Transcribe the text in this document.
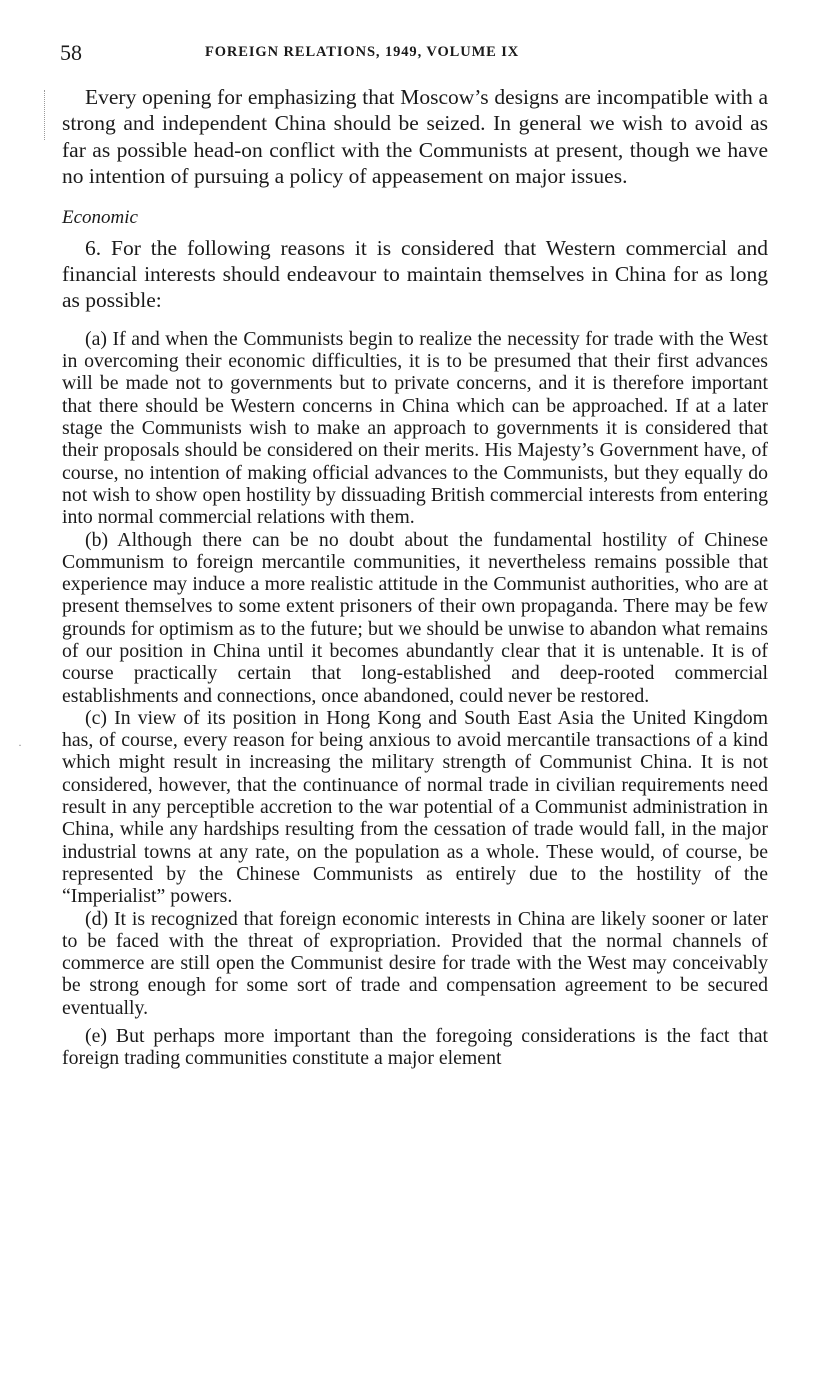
·
58	FOREIGN RELATIONS, 1949, VOLUME IX

Every opening for emphasizing that Moscow’s designs are incompatible with a strong and independent China should be seized. In general we wish to avoid as far as possible head-on conflict with the Communists at present, though we have no intention of pursuing a policy of appeasement on major issues.

Economic

6. For the following reasons it is considered that Western commercial and financial interests should endeavour to maintain themselves in China for as long as possible:

(a) If and when the Communists begin to realize the necessity for trade with the West in overcoming their economic difficulties, it is to be presumed that their first advances will be made not to governments but to private concerns, and it is therefore important that there should be Western concerns in China which can be approached. If at a later stage the Communists wish to make an approach to governments it is considered that their proposals should be considered on their merits. His Majesty’s Government have, of course, no intention of making official advances to the Communists, but they equally do not wish to show open hostility by dissuading British commercial interests from entering into normal commercial relations with them.

(b) Although there can be no doubt about the fundamental hostility of Chinese Communism to foreign mercantile communities, it nevertheless remains possible that experience may induce a more realistic attitude in the Communist authorities, who are at present themselves to some extent prisoners of their own propaganda. There may be few grounds for optimism as to the future; but we should be unwise to abandon what remains of our position in China until it becomes abundantly clear that it is untenable. It is of course practically certain that long-established and deep-rooted commercial establishments and connections, once abandoned, could never be restored.

(c) In view of its position in Hong Kong and South East Asia the United Kingdom has, of course, every reason for being anxious to avoid mercantile transactions of a kind which might result in increasing the military strength of Communist China. It is not considered, however, that the continuance of normal trade in civilian requirements need result in any perceptible accretion to the war potential of a Communist administration in China, while any hardships resulting from the cessation of trade would fall, in the major industrial towns at any rate, on the population as a whole. These would, of course, be represented by the Chinese Communists as entirely due to the hostility of the “Imperialist” powers.

(d) It is recognized that foreign economic interests in China are likely sooner or later to be faced with the threat of expropriation. Provided that the normal channels of commerce are still open the Communist desire for trade with the West may conceivably be strong enough for some sort of trade and compensation agreement to be secured eventually.

(e) But perhaps more important than the foregoing considerations is the fact that foreign trading communities constitute a major element
